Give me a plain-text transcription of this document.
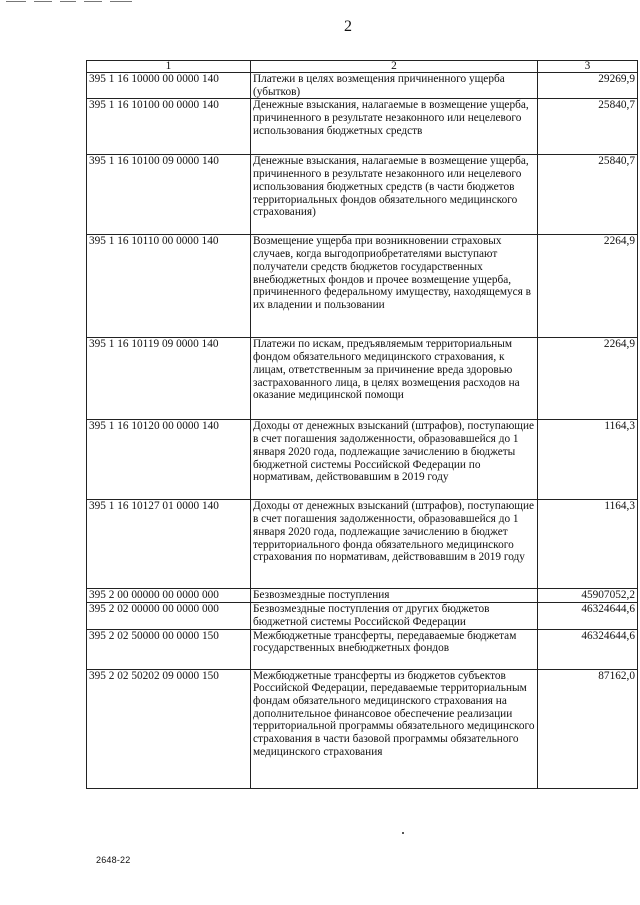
2
1	2	3
395 1 16 10000 00 0000 140	Платежи в целях возмещения причиненного ущерба (убытков)	29269,9
395 1 16 10100 00 0000 140	Денежные взыскания, налагаемые в возмещение ущерба, причиненного в результате незаконного или нецелевого использования бюджетных средств	25840,7
395 1 16 10100 09 0000 140	Денежные взыскания, налагаемые в возмещение ущерба, причиненного в результате незаконного или нецелевого использования бюджетных средств (в части бюджетов территориальных фондов обязательного медицинского страхования)	25840,7
395 1 16 10110 00 0000 140	Возмещение ущерба при возникновении страховых случаев, когда выгодоприобретателями выступают получатели средств бюджетов государственных внебюджетных фондов и прочее возмещение ущерба, причиненного федеральному имуществу, находящемуся в их владении и пользовании	2264,9
395 1 16 10119 09 0000 140	Платежи по искам, предъявляемым территориальным фондом обязательного медицинского страхования, к лицам, ответственным за причинение вреда здоровью застрахованного лица, в целях возмещения расходов на оказание медицинской помощи	2264,9
395 1 16 10120 00 0000 140	Доходы от денежных взысканий (штрафов), поступающие в счет погашения задолженности, образовавшейся до 1 января 2020 года, подлежащие зачислению в бюджеты бюджетной системы Российской Федерации по нормативам, действовавшим в 2019 году	1164,3
395 1 16 10127 01 0000 140	Доходы от денежных взысканий (штрафов), поступающие в счет погашения задолженности, образовавшейся до 1 января 2020 года, подлежащие зачислению в бюджет территориального фонда обязательного медицинского страхования по нормативам, действовавшим в 2019 году	1164,3
395 2 00 00000 00 0000 000	Безвозмездные поступления	45907052,2
395 2 02 00000 00 0000 000	Безвозмездные поступления от других бюджетов бюджетной системы Российской Федерации	46324644,6
395 2 02 50000 00 0000 150	Межбюджетные трансферты, передаваемые бюджетам государственных внебюджетных фондов	46324644,6
395 2 02 50202 09 0000 150	Межбюджетные трансферты из бюджетов субъектов Российской Федерации, передаваемые территориальным фондам обязательного медицинского страхования на дополнительное финансовое обеспечение реализации территориальной программы обязательного медицинского страхования в части базовой программы обязательного медицинского страхования	87162,0
2648-22
